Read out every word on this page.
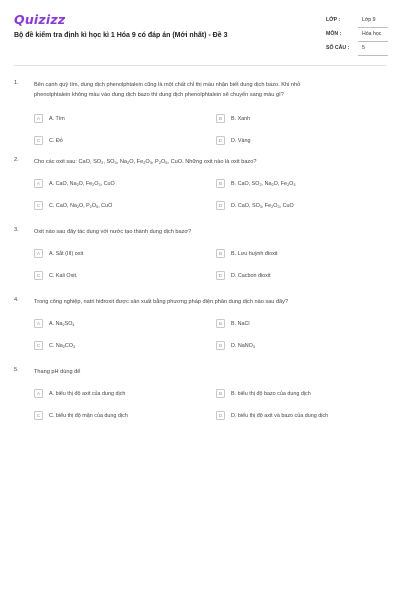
Quizizz
Bộ đề kiểm tra định kì học kì 1 Hóa 9 có đáp án (Mới nhất) - Đề 3
LỚP :	Lớp 9
MÔN :	Hóa học
SỐ CÂU : 5
1.	Bên cạnh quỳ tím, dung dịch phenolphtalein cũng là một chất chỉ thị màu nhận biết dung dịch bazo. Khi nhỏ
phenolphtalein không màu vào dung dịch bazo thì dung dịch phenolphtalein sẽ chuyển sang màu gì?
A	A. Tím	B	B. Xanh
C	C. Đỏ	D	D. Vàng
2.	Cho các oxit sau: CaO, $SO_2$, $SO_3$, $Na_2O$, $Fe_2O_3$, $P_2O_5$, CuO. Những oxit nào là oxit bazo?
A	A. CaO, $Na_2O$, $Fe_2O_3$, CuO	B	B. CaO, $SO_2$, $Na_2O$, $Fe_2O_3$
C	C. CaO, $Na_2O$, $P_2O_5$, CuO	D	D. CaO, $SO_3$, $Fe_2O_3$, CuO
3.	Oxit nào sau đây tác dụng với nước tạo thành dung dịch bazơ?
A	A. Sắt (III) oxit	B	B. Lưu huỳnh đioxit
C	C. Kali Oxit.	D	D. Cacbon đioxit
4.	Trong công nghiệp, natri hiđroxit được sản xuất bằng phương pháp điện phân dung dịch nào sau đây?
A	A. $Na_2SO_4$	B	B. NaCl
C	C. $Na_2CO_3$	D	D. NaNO$_3$
5.	Thang pH dùng để
A	A. biểu thị độ axit của dung dịch	B	B. biểu thị độ bazo của dung dịch
C	C. biểu thị độ mặn của dung dịch	D	D. biểu thị độ axit và bazo của dung dịch
